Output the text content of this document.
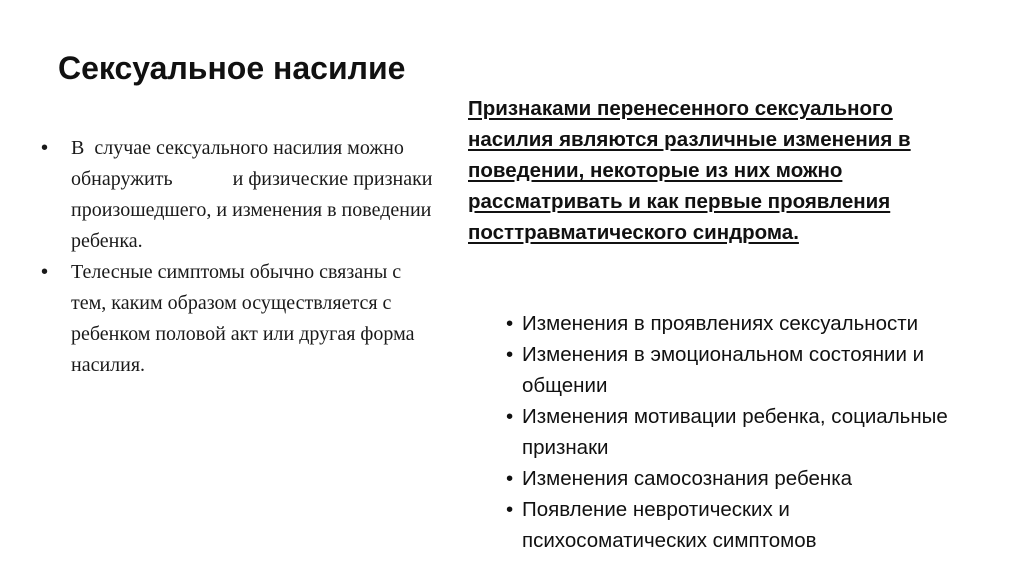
Сексуальное насилие
• В  случае сексуального насилия можно обнаружить            и физические признаки произошедшего, и изменения в поведении ребенка.
• Телесные симптомы обычно связаны с тем, каким образом осуществляется с ребенком половой акт или другая форма насилия.

Признаками перенесенного сексуального насилия являются различные изменения в поведении, некоторые из них можно рассматривать и как первые проявления посттравматического синдрома.

• Изменения в проявлениях сексуальности
• Изменения в эмоциональном состоянии и общении
• Изменения мотивации ребенка, социальные признаки
• Изменения самосознания ребенка
• Появление невротических и психосоматических симптомов
